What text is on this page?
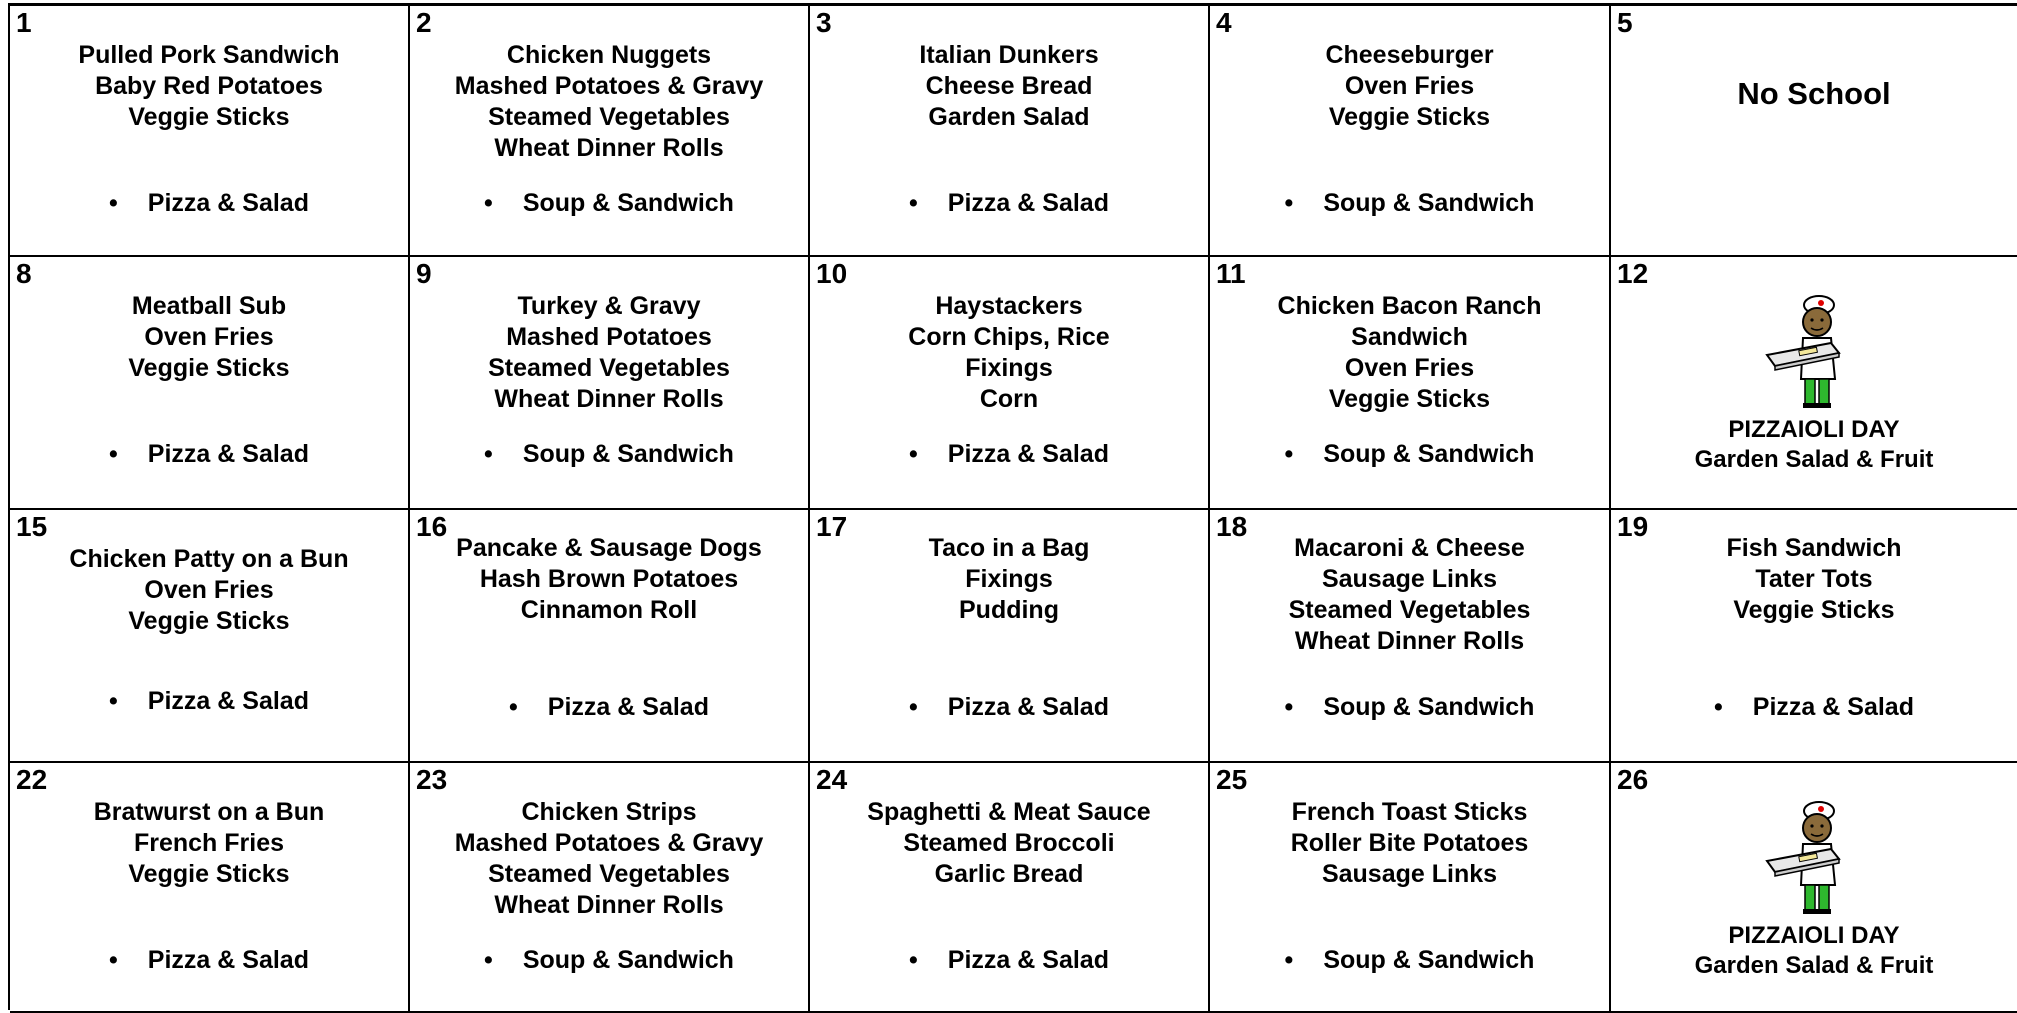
1
Pulled Pork Sandwich
Baby Red Potatoes
Veggie Sticks
• Pizza & Salad
2
Chicken Nuggets
Mashed Potatoes & Gravy
Steamed Vegetables
Wheat Dinner Rolls
• Soup & Sandwich
3
Italian Dunkers
Cheese Bread
Garden Salad
• Pizza & Salad
4
Cheeseburger
Oven Fries
Veggie Sticks
• Soup & Sandwich
5
No School
8
Meatball Sub
Oven Fries
Veggie Sticks
• Pizza & Salad
9
Turkey & Gravy
Mashed Potatoes
Steamed Vegetables
Wheat Dinner Rolls
• Soup & Sandwich
10
Haystackers
Corn Chips, Rice
Fixings
Corn
• Pizza & Salad
11
Chicken Bacon Ranch
Sandwich
Oven Fries
Veggie Sticks
• Soup & Sandwich
12
PIZZAIOLI DAY
Garden Salad & Fruit
15
Chicken Patty on a Bun
Oven Fries
Veggie Sticks
• Pizza & Salad
16
Pancake & Sausage Dogs
Hash Brown Potatoes
Cinnamon Roll
• Pizza & Salad
17
Taco in a Bag
Fixings
Pudding
• Pizza & Salad
18
Macaroni & Cheese
Sausage Links
Steamed Vegetables
Wheat Dinner Rolls
• Soup & Sandwich
19
Fish Sandwich
Tater Tots
Veggie Sticks
• Pizza & Salad
22
Bratwurst on a Bun
French Fries
Veggie Sticks
• Pizza & Salad
23
Chicken Strips
Mashed Potatoes & Gravy
Steamed Vegetables
Wheat Dinner Rolls
• Soup & Sandwich
24
Spaghetti & Meat Sauce
Steamed Broccoli
Garlic Bread
• Pizza & Salad
25
French Toast Sticks
Roller Bite Potatoes
Sausage Links
• Soup & Sandwich
26
PIZZAIOLI DAY
Garden Salad & Fruit
